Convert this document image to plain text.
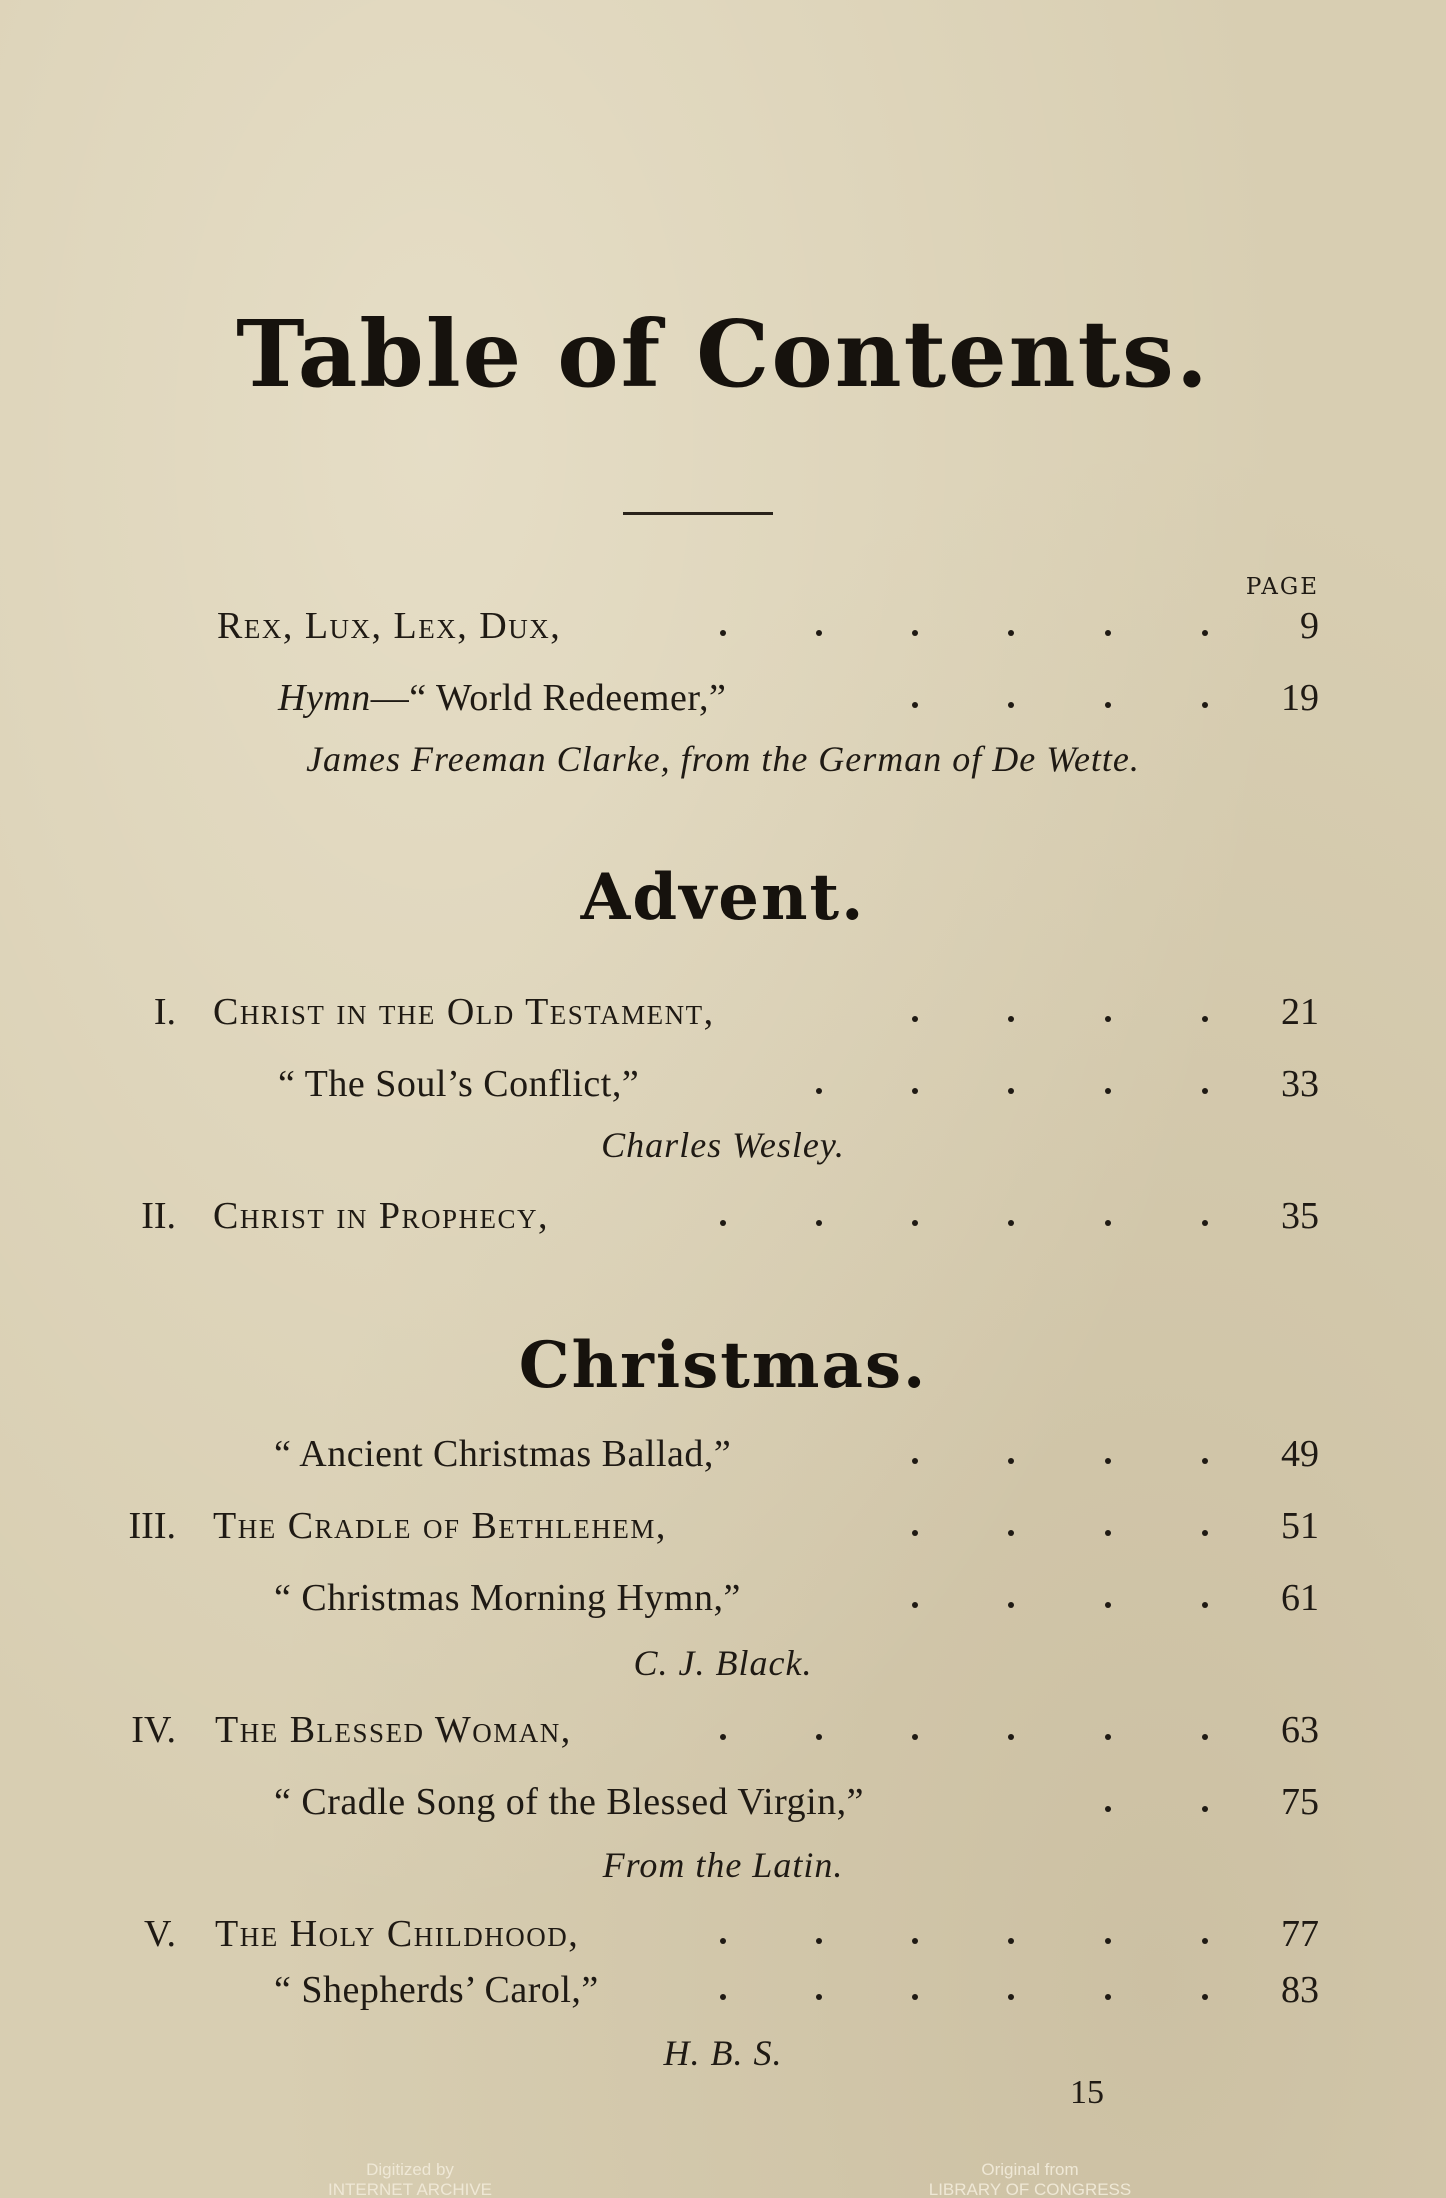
Table of Contents.
PAGE
Rex, Lux, Lex, Dux,	9
Hymn—“ World Redeemer,”	19
James Freeman Clarke, from the German of De Wette.
Advent.
I. Christ in the Old Testament,	21
“ The Soul’s Conflict,”	33
Charles Wesley.
II. Christ in Prophecy,	35
Christmas.
“ Ancient Christmas Ballad,”	49
III. The Cradle of Bethlehem,	51
“ Christmas Morning Hymn,”	61
C. J. Black.
IV. The Blessed Woman,	63
“ Cradle Song of the Blessed Virgin,”	75
From the Latin.
V. The Holy Childhood,	77
“ Shepherds’ Carol,”	83
H. B. S.
15
Digitized by
INTERNET ARCHIVE
Original from
LIBRARY OF CONGRESS
